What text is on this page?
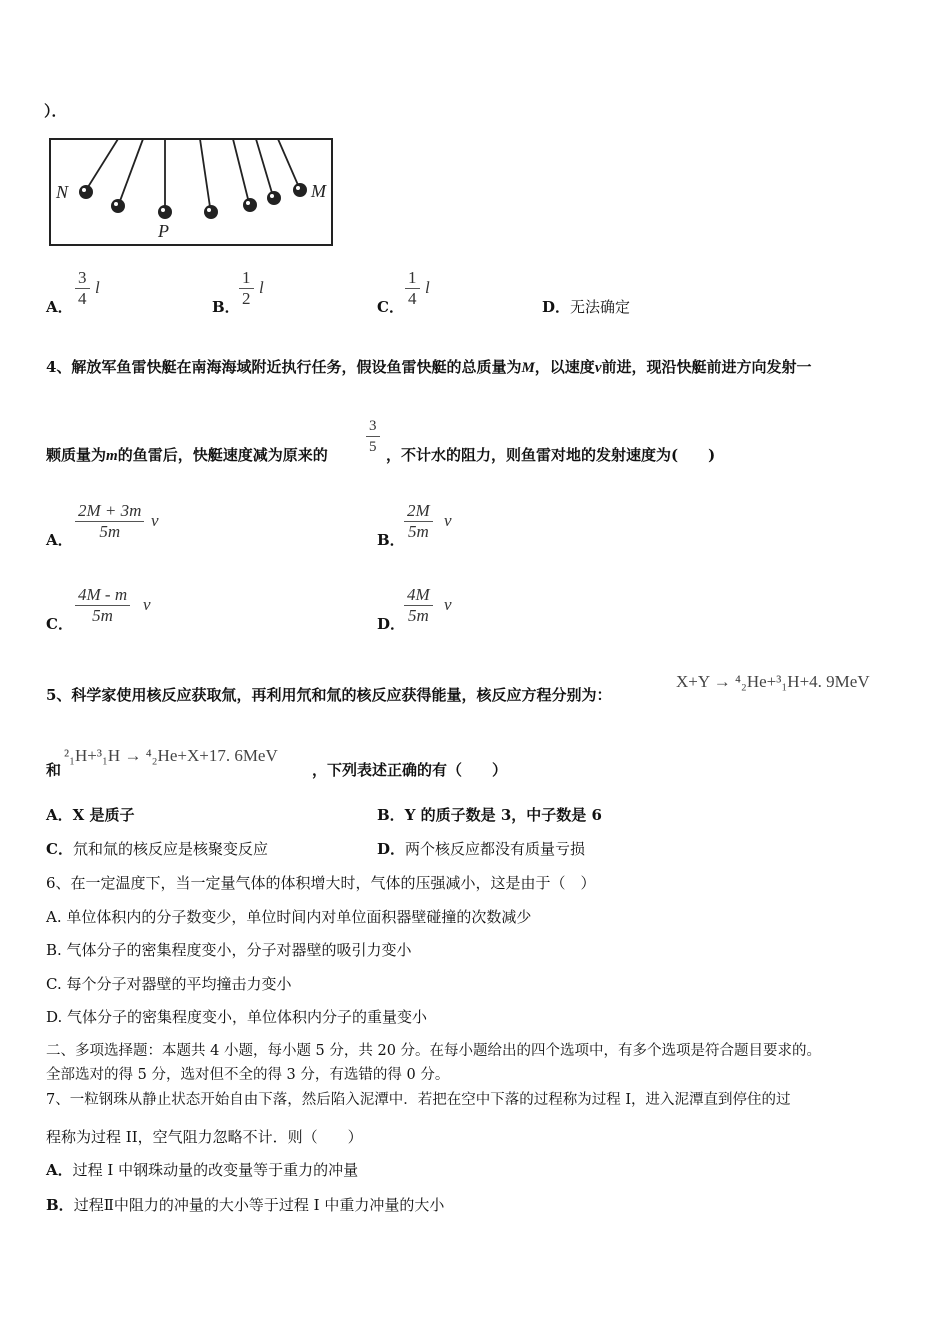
）．
N
P
M
A．
3
4
l
B．
1
2
l
C．
1
4
l
D．无法确定
4、解放军鱼雷快艇在南海海域附近执行任务，假设鱼雷快艇的总质量为M，以速度v前进，现沿快艇前进方向发射一
颗质量为m的鱼雷后，快艇速度减为原来的
3
5 ，不计水的阻力，则鱼雷对地的发射速度为(　　)
A．
2M + 3m
5m
v
B．
2M
5m
v
C．
4M - m
5m
v
D．
4M
5m
v
5、科学家使用核反应获取氚，再利用氘和氚的核反应获得能量，核反应方程分别为：
X+Y → ⁴₂He+³₁H+4. 9MeV
和
²₁H+³₁H → ⁴₂He+X+17. 6MeV
，下列表述正确的有（　　）
A．X 是质子	B．Y 的质子数是 3，中子数是 6
C．氘和氚的核反应是核聚变反应	D．两个核反应都没有质量亏损
6、在一定温度下，当一定量气体的体积增大时，气体的压强减小，这是由于（　）
A. 单位体积内的分子数变少，单位时间内对单位面积器壁碰撞的次数减少
B. 气体分子的密集程度变小，分子对器壁的吸引力变小
C. 每个分子对器壁的平均撞击力变小
D. 气体分子的密集程度变小，单位体积内分子的重量变小
二、多项选择题：本题共 4 小题，每小题 5 分，共 20 分。在每小题给出的四个选项中，有多个选项是符合题目要求的。
全部选对的得 5 分，选对但不全的得 3 分，有选错的得 0 分。
7、一粒钢珠从静止状态开始自由下落，然后陷入泥潭中．若把在空中下落的过程称为过程 I，进入泥潭直到停住的过
程称为过程 II，空气阻力忽略不计．则（　　）
A．过程 I 中钢珠动量的改变量等于重力的冲量
B．过程Ⅱ中阻力的冲量的大小等于过程 I 中重力冲量的大小
